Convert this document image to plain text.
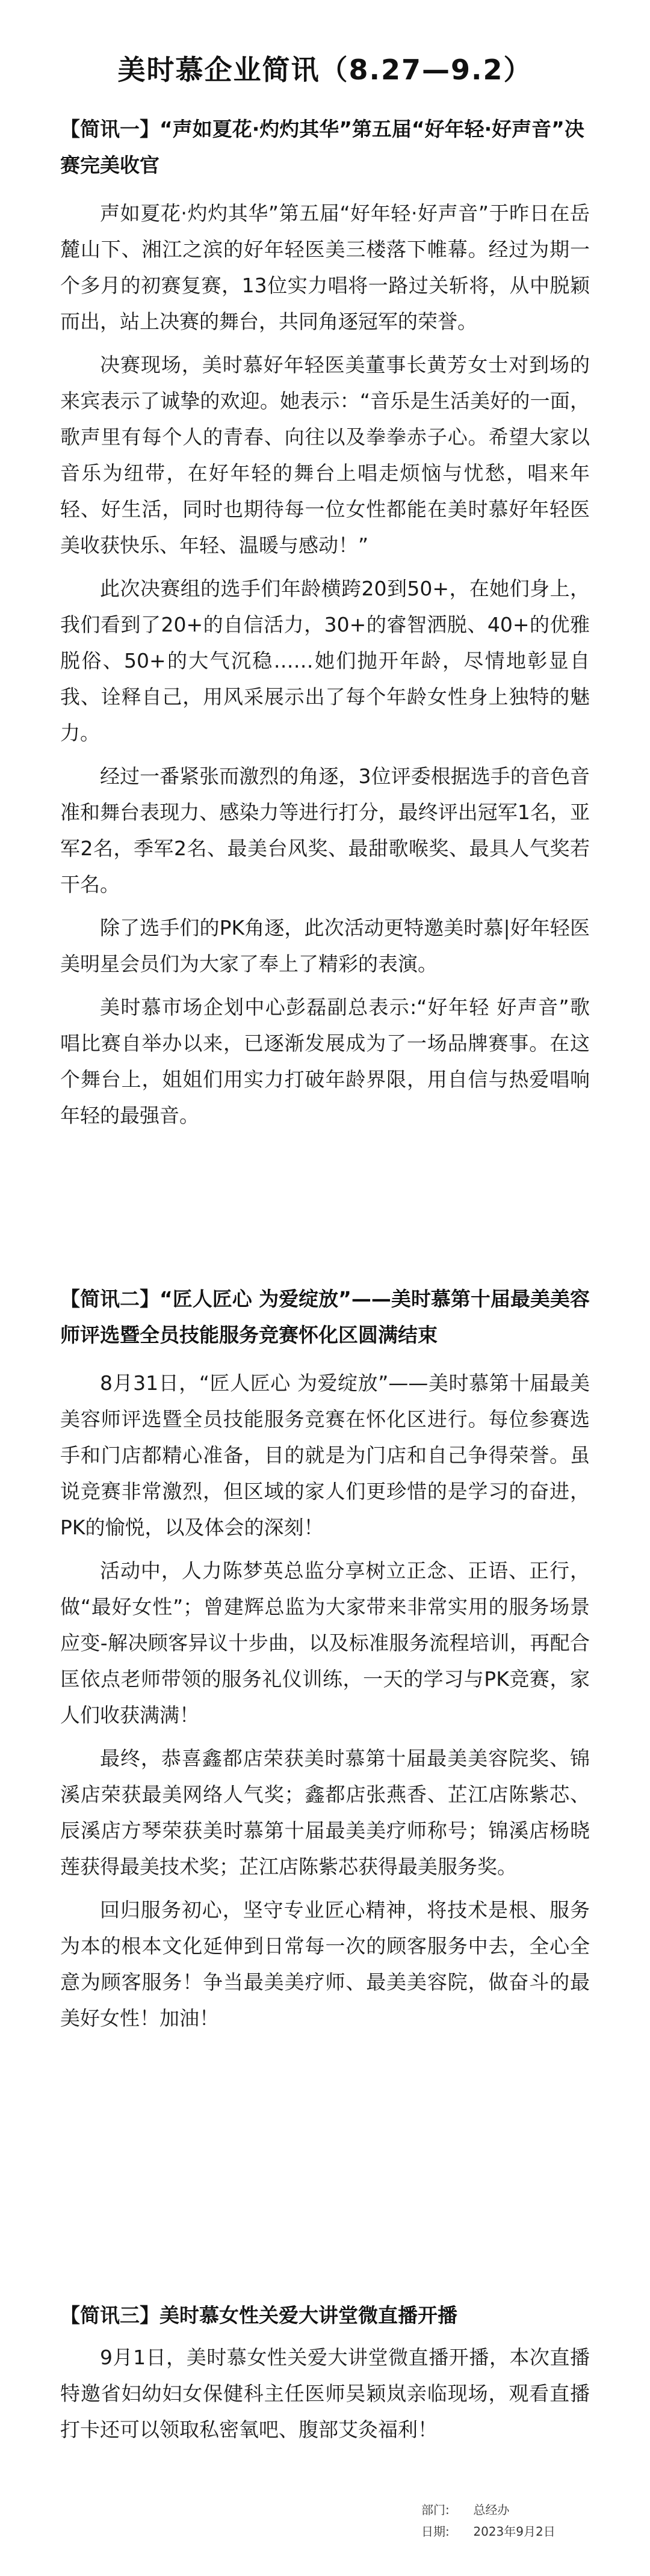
美时慕企业简讯（8.27—9.2）
【简讯一】“声如夏花·灼灼其华”第五届“好年轻·好声音”决赛完美收官

声如夏花·灼灼其华”第五届“好年轻·好声音”于昨日在岳麓山下、湘江之滨的好年轻医美三楼落下帷幕。经过为期一个多月的初赛复赛，13位实力唱将一路过关斩将，从中脱颖而出，站上决赛的舞台，共同角逐冠军的荣誉。

决赛现场，美时慕好年轻医美董事长黄芳女士对到场的来宾表示了诚挚的欢迎。她表示：“音乐是生活美好的一面，歌声里有每个人的青春、向往以及拳拳赤子心。希望大家以音乐为纽带，在好年轻的舞台上唱走烦恼与忧愁，唱来年轻、好生活，同时也期待每一位女性都能在美时慕好年轻医美收获快乐、年轻、温暖与感动！”

此次决赛组的选手们年龄横跨20到50+，在她们身上，我们看到了20+的自信活力，30+的睿智洒脱、40+的优雅脱俗、50+的大气沉稳……她们抛开年龄，尽情地彰显自我、诠释自己，用风采展示出了每个年龄女性身上独特的魅力。

经过一番紧张而激烈的角逐，3位评委根据选手的音色音准和舞台表现力、感染力等进行打分，最终评出冠军1名，亚军2名，季军2名、最美台风奖、最甜歌喉奖、最具人气奖若干名。

除了选手们的PK角逐，此次活动更特邀美时慕|好年轻医美明星会员们为大家了奉上了精彩的表演。

美时慕市场企划中心彭磊副总表示:“好年轻 好声音”歌唱比赛自举办以来，已逐渐发展成为了一场品牌赛事。在这个舞台上，姐姐们用实力打破年龄界限，用自信与热爱唱响年轻的最强音。

【简讯二】“匠人匠心 为爱绽放”——美时慕第十届最美美容师评选暨全员技能服务竞赛怀化区圆满结束

8月31日，“匠人匠心 为爱绽放”——美时慕第十届最美美容师评选暨全员技能服务竞赛在怀化区进行。每位参赛选手和门店都精心准备，目的就是为门店和自己争得荣誉。虽说竞赛非常激烈，但区域的家人们更珍惜的是学习的奋进，PK的愉悦，以及体会的深刻！

活动中，人力陈梦英总监分享树立正念、正语、正行，做“最好女性”；曾建辉总监为大家带来非常实用的服务场景应变-解决顾客异议十步曲，以及标准服务流程培训，再配合匡依点老师带领的服务礼仪训练，一天的学习与PK竞赛，家人们收获满满！

最终，恭喜鑫都店荣获美时慕第十届最美美容院奖、锦溪店荣获最美网络人气奖；鑫都店张燕香、芷江店陈紫芯、辰溪店方琴荣获美时慕第十届最美美疗师称号；锦溪店杨晓莲获得最美技术奖；芷江店陈紫芯获得最美服务奖。

回归服务初心，坚守专业匠心精神，将技术是根、服务为本的根本文化延伸到日常每一次的顾客服务中去，全心全意为顾客服务！争当最美美疗师、最美美容院，做奋斗的最美好女性！加油！

【简讯三】美时慕女性关爱大讲堂微直播开播

9月1日，美时慕女性关爱大讲堂微直播开播，本次直播特邀省妇幼妇女保健科主任医师吴颖岚亲临现场，观看直播打卡还可以领取私密氧吧、腹部艾灸福利！

部门: 总经办
日期: 2023年9月2日
